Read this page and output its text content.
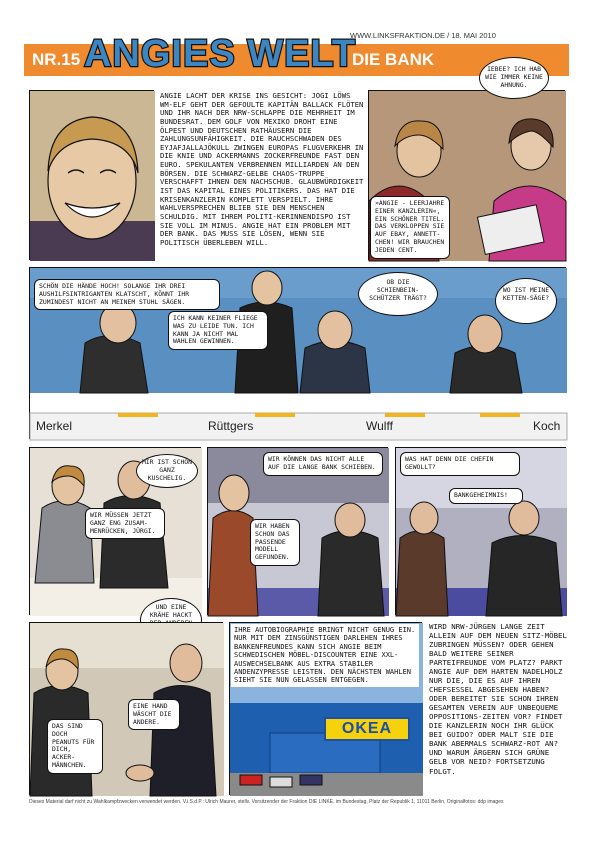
NR.15 ANGIES WELT
WWW.LINKSFRAKTION.DE / 18. MAI 2010
DIE BANK
ANGIE LACHT DER KRISE INS GESICHT: JOGI LÖWS WM-ELF GEHT DER GEFOULTE KAPITÄN BALLACK FLÖTEN UND IHR NACH DER NRW-SCHLAPPE DIE MEHRHEIT IM BUNDESRAT. DEM GOLF VON MEXIKO DROHT EINE ÖLPEST UND DEUTSCHEN RATHÄUSERN DIE ZAHLUNGSUNFÄHIGKEIT. DIE RAUCHSCHWADEN DES EYJAFJALLAJÖKULL ZWINGEN EUROPAS FLUGVERKEHR IN DIE KNIE UND ACKERMANNS ZOCKERFREUNDE FAST DEN EURO. SPEKULANTEN VERBRENNEN MILLIARDEN AN DEN BÖRSEN. DIE SCHWARZ-GELBE CHAOS-TRUPPE VERSCHAFFT IHNEN DEN NACHSCHUB. GLAUBWÜRDIGKEIT IST DAS KAPITAL EINES POLITIKERS. DAS HAT DIE KRISENKANZLERIN KOMPLETT VERSPIELT. IHRE WAHLVERSPRECHEN BLIEB SIE DEN MENSCHEN SCHULDIG. MIT IHREM POLITI-KERINNENDISPO IST SIE VOLL IM MINUS. ANGIE HAT EIN PROBLEM MIT DER BANK. DAS MUSS SIE LÖSEN, WENN SIE POLITISCH ÜBERLEBEN WILL.
IEBEE? ICH HAB WIE IMMER KEINE AHNUNG.
»ANGIE - LEERJAHRE EINER KANZLERIN«, EIN SCHÖNER TITEL. DAS VERKLOPPEN SIE AUF EBAY, ANNETT-CHEN! WIR BRAUCHEN JEDEN CENT.
SCHÖN DIE HÄNDE HOCH! SOLANGE IHR DREI AUSHILFSINTRIGANTEN KLATSCHT, KÖNNT IHR ZUMINDEST NICHT AN MEINEM STUHL SÄGEN.
OB DIE SCHIENBEIN-SCHÜTZER TRÄGT?
WO IST MEINE KETTEN-SÄGE?
ICH KANN KEINER FLIEGE WAS ZU LEIDE TUN. ICH KANN JA NICHT MAL WAHLEN GEWINNEN.
Merkel	Rüttgers	Wulff	Koch
MIR IST SCHON GANZ KUSCHELIG.
WIR MÜSSEN JETZT GANZ ENG ZUSAM-MENRÜCKEN, JÜRGI.
UND EINE KRÄHE HACKT
WIR KÖNNEN DAS NICHT ALLE AUF DIE LANGE BANK SCHIEBEN.
WIR HABEN SCHON DAS PASSENDE MODELL GEFUNDEN.
WAS HAT DENN DIE CHEFIN GEWOLLT?
BANKGEHEIMNIS!
EINE HAND WÄSCHT DIE ANDERE.
DAS SIND DOCH PEANUTS FÜR DICH, ACKER-MÄNNCHEN.
IHRE AUTOBIOGRAPHIE BRINGT NICHT GENUG EIN. NUR MIT DEM ZINSGÜNSTIGEN DARLEHEN IHRES BANKENFREUNDES KANN SICH ANGIE BEIM SCHWEDISCHEN MÖBEL-DISCOUNTER EINE XXL-AUSWECHSELBANK AUS EXTRA STABILER ANDENZYPRESSE LEISTEN. DEN NÄCHSTEN WAHLEN SIEHT SIE NUN GELASSEN ENTGEGEN.
OKEA
WIRD NRW-JÜRGEN LANGE ZEIT ALLEIN AUF DEM NEUEN SITZ-MÖBEL ZUBRINGEN MÜSSEN? ODER GEHEN BALD WEITERE SEINER PARTEIFREUNDE VOM PLATZ? PARKT ANGIE AUF DEM HARTEN NADELHOLZ NUR DIE, DIE ES AUF IHREN CHEFSESSEL ABGESEHEN HABEN? ODER BEREITET SIE SCHON IHREN GESAMTEN VEREIN AUF UNBEQUEME OPPOSITIONS-ZEITEN VOR? FINDET DIE KANZLERIN NOCH IHR GLÜCK BEI GUIDO? ODER MALT SIE DIE BANK ABERMALS SCHWARZ-ROT AN? UND WARUM ÄRGERN SICH GRÜNE GELB VOR NEID? FORTSETZUNG FOLGT.
Dieses Material darf nicht zu Wahlkampfzwecken verwendet werden. V.i.S.d.P.: Ulrich Maurer, stellv. Vorsitzender der Fraktion DIE LINKE. im Bundestag, Platz der Republik 1, 11011 Berlin, Originalfotos: ddp images
